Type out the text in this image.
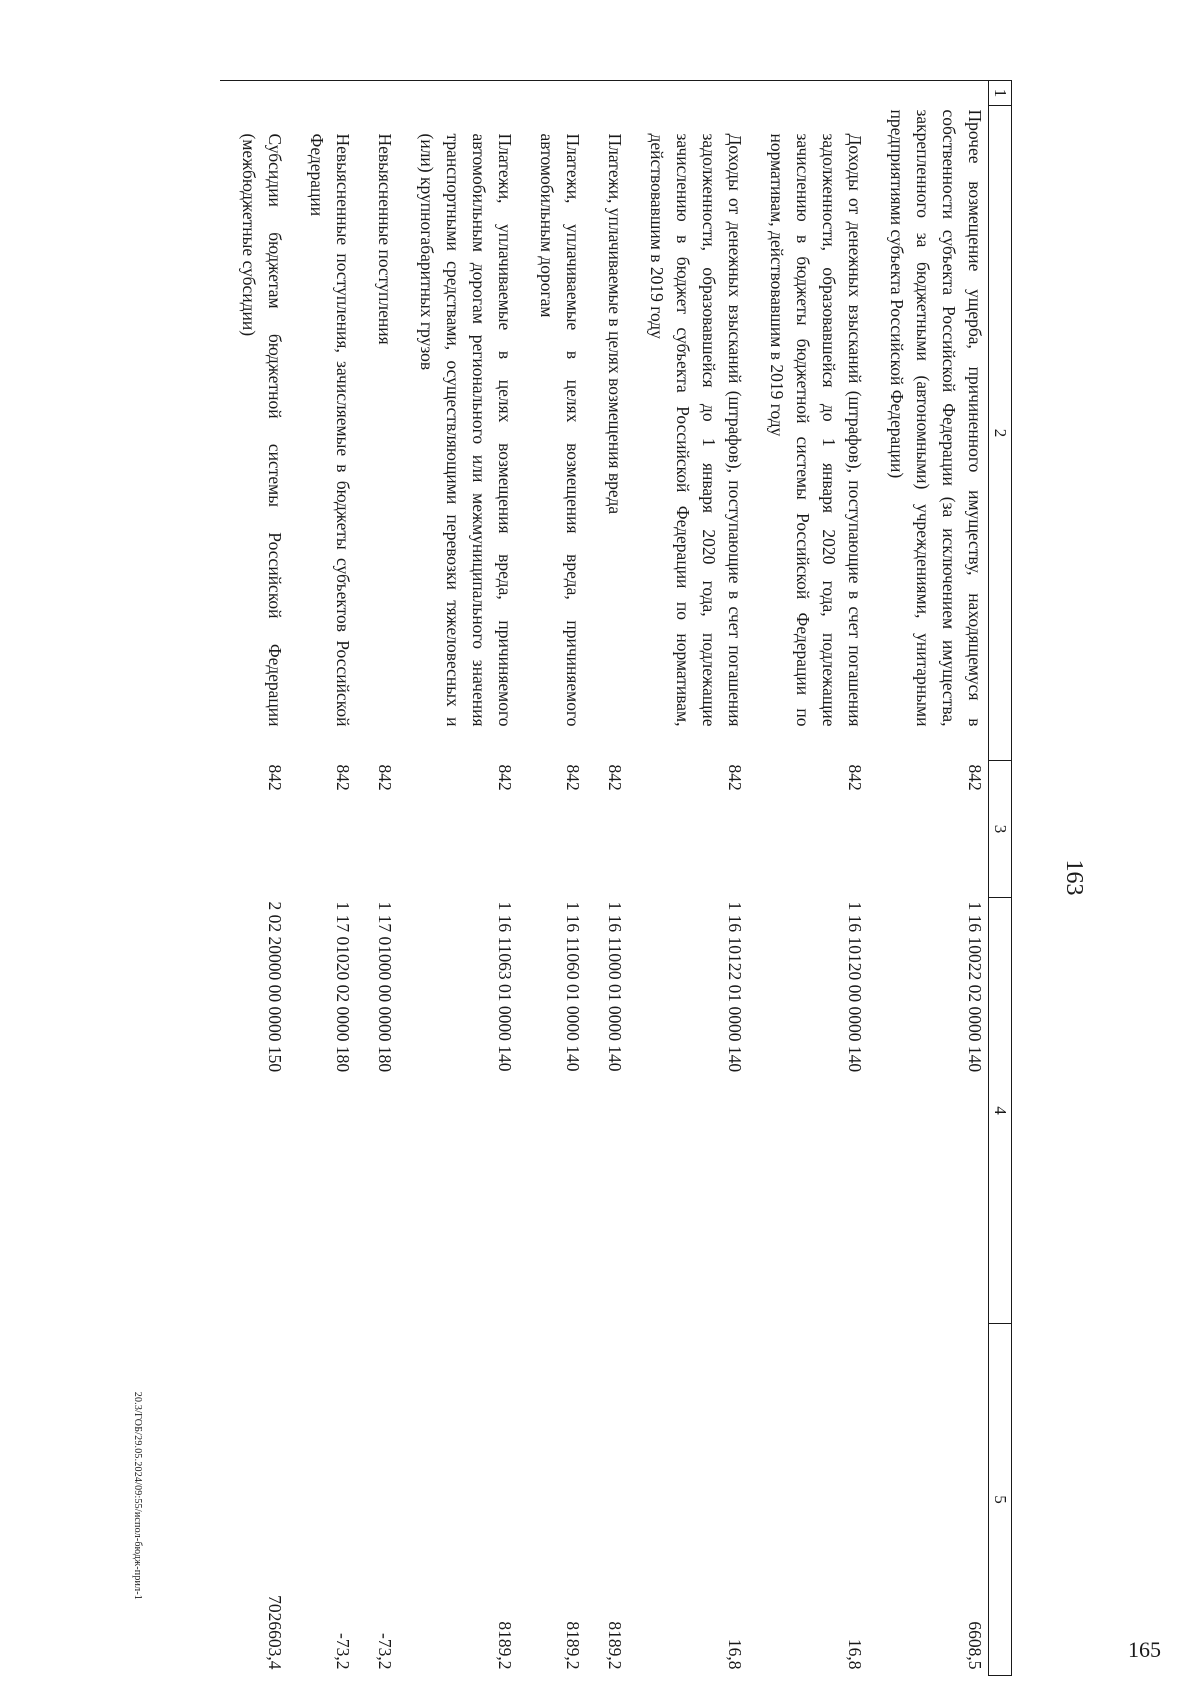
163
1	2	3	4	5
	Прочее возмещение ущерба, причиненного имуществу, находящемуся в собственности субъекта Российской Федерации (за исключением имущества, закрепленного за бюджетными (автономными) учреждениями, унитарными предприятиями субъекта Российской Федерации)	842	1 16 10022 02 0000 140	6608,5
	Доходы от денежных взысканий (штрафов), поступающие в счет погашения задолженности, образовавшейся до 1 января 2020 года, подлежащие зачислению в бюджеты бюджетной системы Российской Федерации по нормативам, действовавшим в 2019 году	842	1 16 10120 00 0000 140	16,8
	Доходы от денежных взысканий (штрафов), поступающие в счет погашения задолженности, образовавшейся до 1 января 2020 года, подлежащие зачислению в бюджет субъекта Российской Федерации по нормативам, действовавшим в 2019 году	842	1 16 10122 01 0000 140	16,8
	Платежи, уплачиваемые в целях возмещения вреда	842	1 16 11000 01 0000 140	8189,2
	Платежи, уплачиваемые в целях возмещения вреда, причиняемого автомобильным дорогам	842	1 16 11060 01 0000 140	8189,2
	Платежи, уплачиваемые в целях возмещения вреда, причиняемого автомобильным дорогам регионального или межмуниципального значения транспортными средствами, осуществляющими перевозки тяжеловесных и (или) крупногабаритных грузов	842	1 16 11063 01 0000 140	8189,2
	Невыясненные поступления	842	1 17 01000 00 0000 180	-73,2
	Невыясненные поступления, зачисляемые в бюджеты субъектов Российской Федерации	842	1 17 01020 02 0000 180	-73,2
	Субсидии бюджетам бюджетной системы Российской Федерации (межбюджетные субсидии)	842	2 02 20000 00 0000 150	7026603,4
20.3/ГОБ/29.05.2024/09:55/испол-бюдж-прил-1
165
